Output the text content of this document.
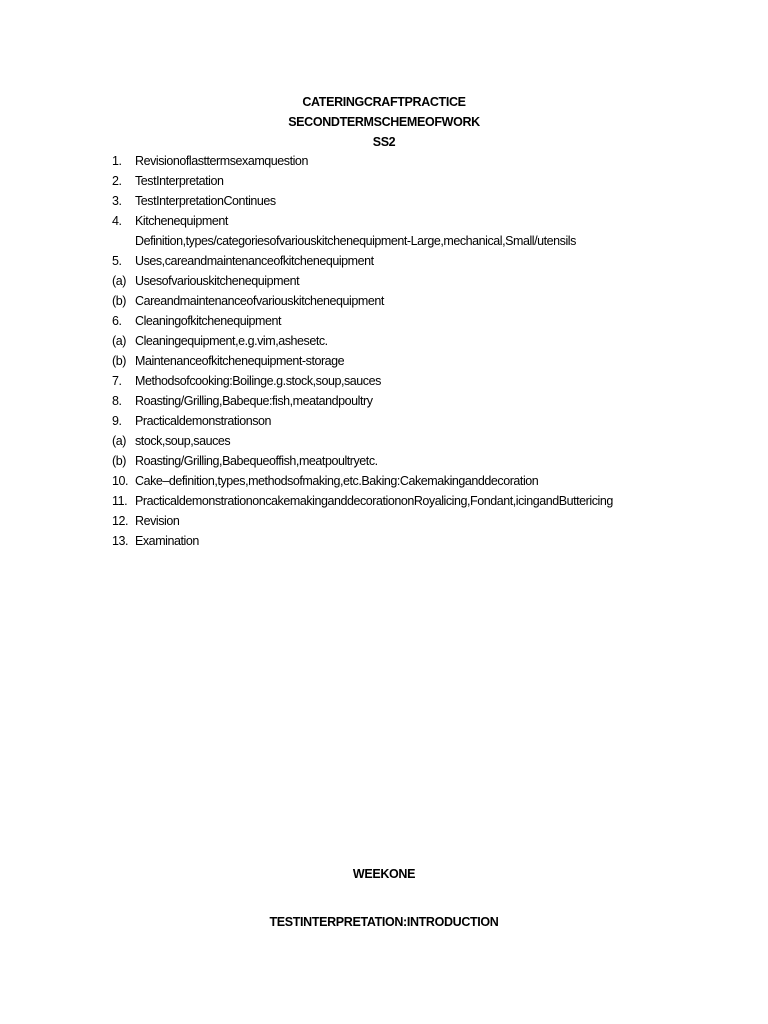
CATERINGCRAFTPRACTICE
SECONDTERMSCHEMEOFWORK
SS2
1.	Revisionoflasttermsexamquestion
2.	TestInterpretation
3.	TestInterpretationContinues
4.	Kitchenequipment
Definition,types/categoriesofvariouskitchenequipment-Large,mechanical,Small/utensils
5.	Uses,careandmaintenanceofkitchenequipment
(a) Usesofvariouskitchenequipment
(b) Careandmaintenanceofvariouskitchenequipment
6.	Cleaningofkitchenequipment
(a) Cleaningequipment,e.g.vim,ashesetc.
(b) Maintenanceofkitchenequipment-storage
7.	Methodsofcooking:Boilinge.g.stock,soup,sauces
8.	Roasting/Grilling,Babeque:fish,meatandpoultry
9.	Practicaldemonstrationson
(a) stock,soup,sauces
(b) Roasting/Grilling,Babequeoffish,meatpoultryetc.
10. Cake–definition,types,methodsofmaking,etc.Baking:Cakemakinganddecoration
11. PracticaldemonstrationoncakemakinganddecorationonRoyalicing,Fondant,icingandButtericing
12. Revision
13. Examination
WEEKONE
TESTINTERPRETATION:INTRODUCTION
